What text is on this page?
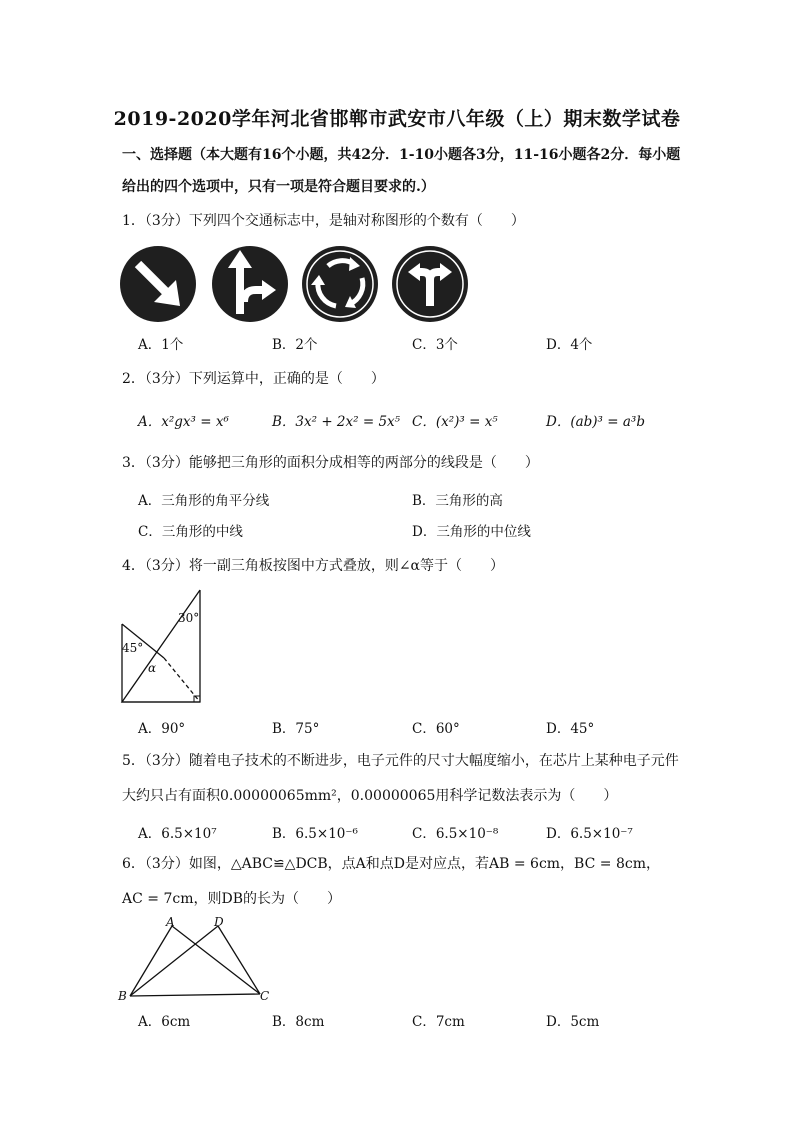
2019-2020学年河北省邯郸市武安市八年级（上）期末数学试卷
一、选择题（本大题有16个小题，共42分．1-10小题各3分，11-16小题各2分．每小题
给出的四个选项中，只有一项是符合题目要求的.）
1．（3分）下列四个交通标志中，是轴对称图形的个数有（　　）
A．1个	B．2个	C．3个	D．4个
2．（3分）下列运算中，正确的是（　　）
A．x²gx³ = x⁶	B．3x² + 2x² = 5x⁵ C．(x²)³ = x⁵	D．(ab)³ = a³b
3．（3分）能够把三角形的面积分成相等的两部分的线段是（　　）
A．三角形的角平分线	B．三角形的高
C．三角形的中线	D．三角形的中位线
4．（3分）将一副三角板按图中方式叠放，则∠α等于（　　）
30°
45°
α
A．90°	B．75°	C．60°	D．45°
5．（3分）随着电子技术的不断进步，电子元件的尺寸大幅度缩小，在芯片上某种电子元件
大约只占有面积0.00000065mm²，0.00000065用科学记数法表示为（　　）
A．6.5×10⁷	B．6.5×10⁻⁶	C．6.5×10⁻⁸	D．6.5×10⁻⁷
6．（3分）如图，△ABC≌△DCB，点A和点D是对应点，若AB = 6cm，BC = 8cm，
AC = 7cm，则DB的长为（　　）
A	D
B	C
A．6cm	B．8cm	C．7cm	D．5cm
